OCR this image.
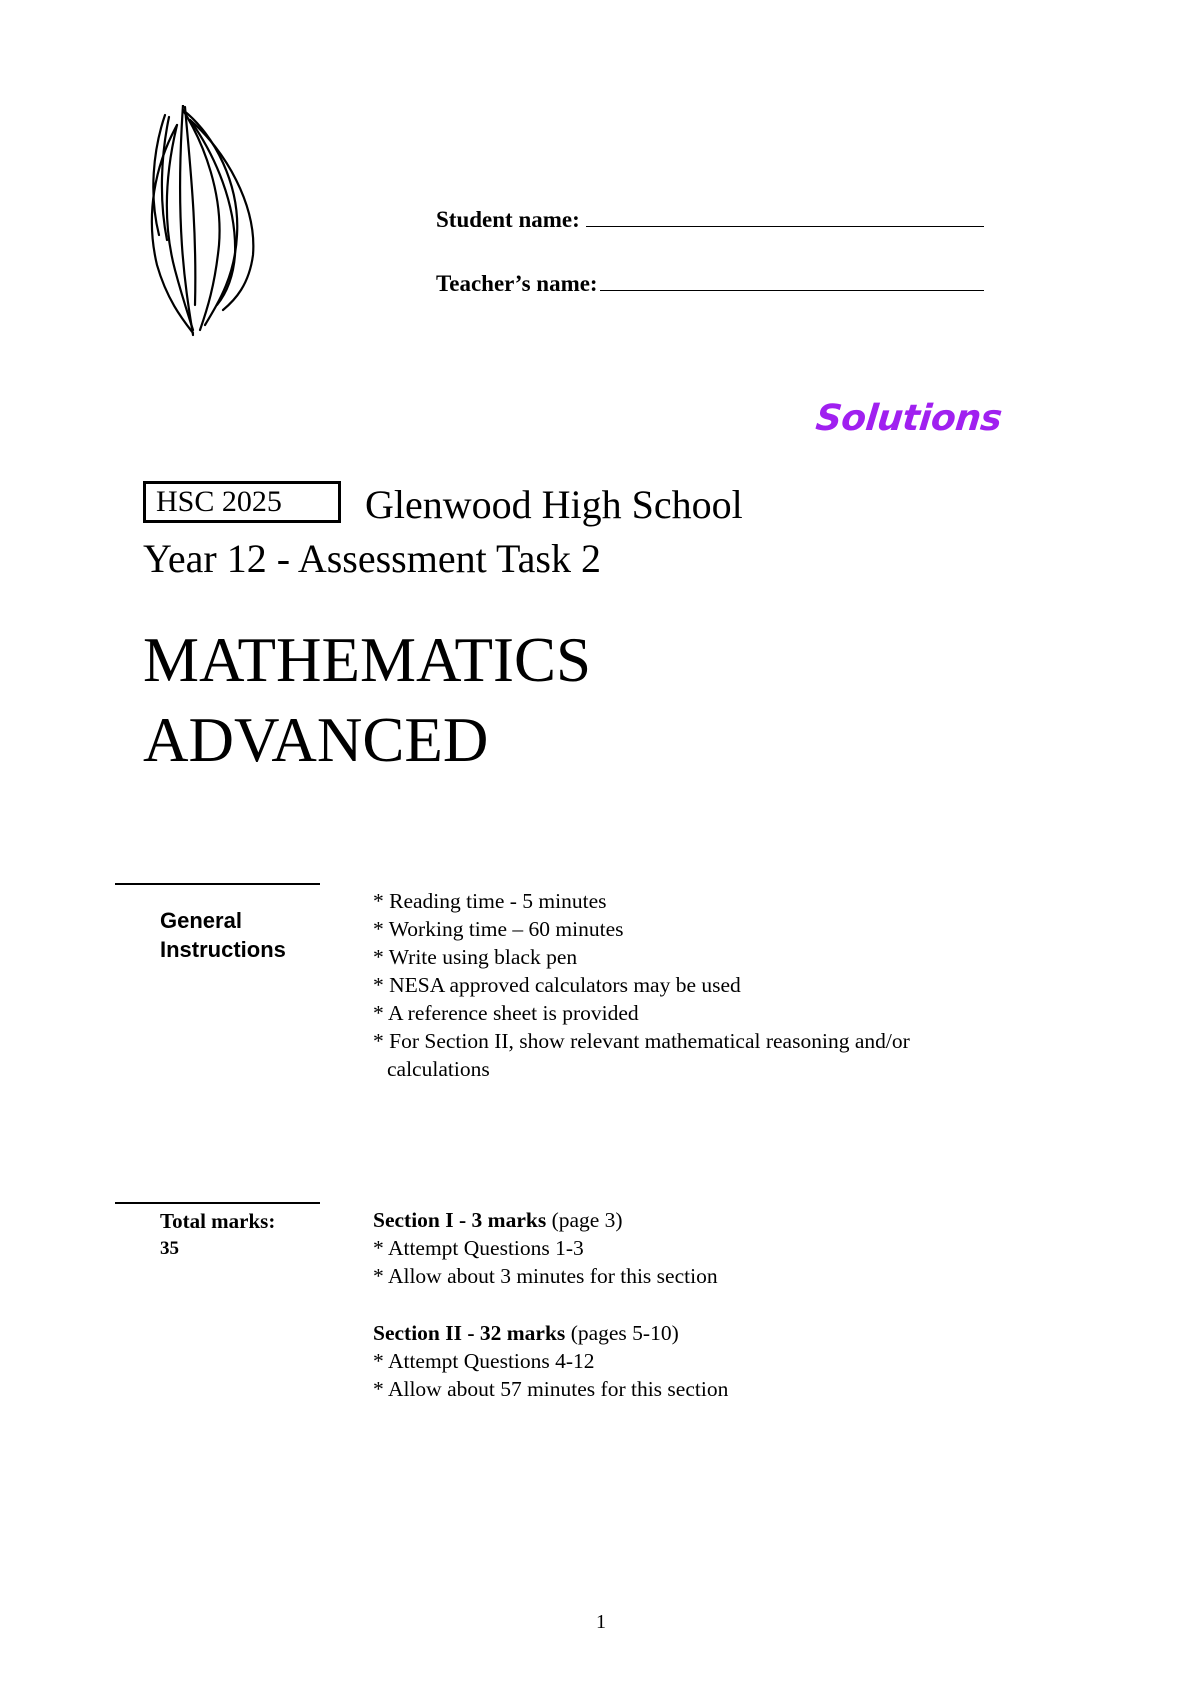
Student name:
Solutions
Teacher’s name:
HSC 2025	Glenwood High School
Year 12 - Assessment Task 2
MATHEMATICS
ADVANCED
General
Instructions
* Reading time - 5 minutes
* Working time – 60 minutes
* Write using black pen
* NESA approved calculators may be used
* A reference sheet is provided
* For Section II, show relevant mathematical reasoning and/or calculations
Total marks:
35
Section I - 3 marks (page 3)
* Attempt Questions 1-3
* Allow about 3 minutes for this section
Section II - 32 marks (pages 5-10)
* Attempt Questions 4-12
* Allow about 57 minutes for this section
1
